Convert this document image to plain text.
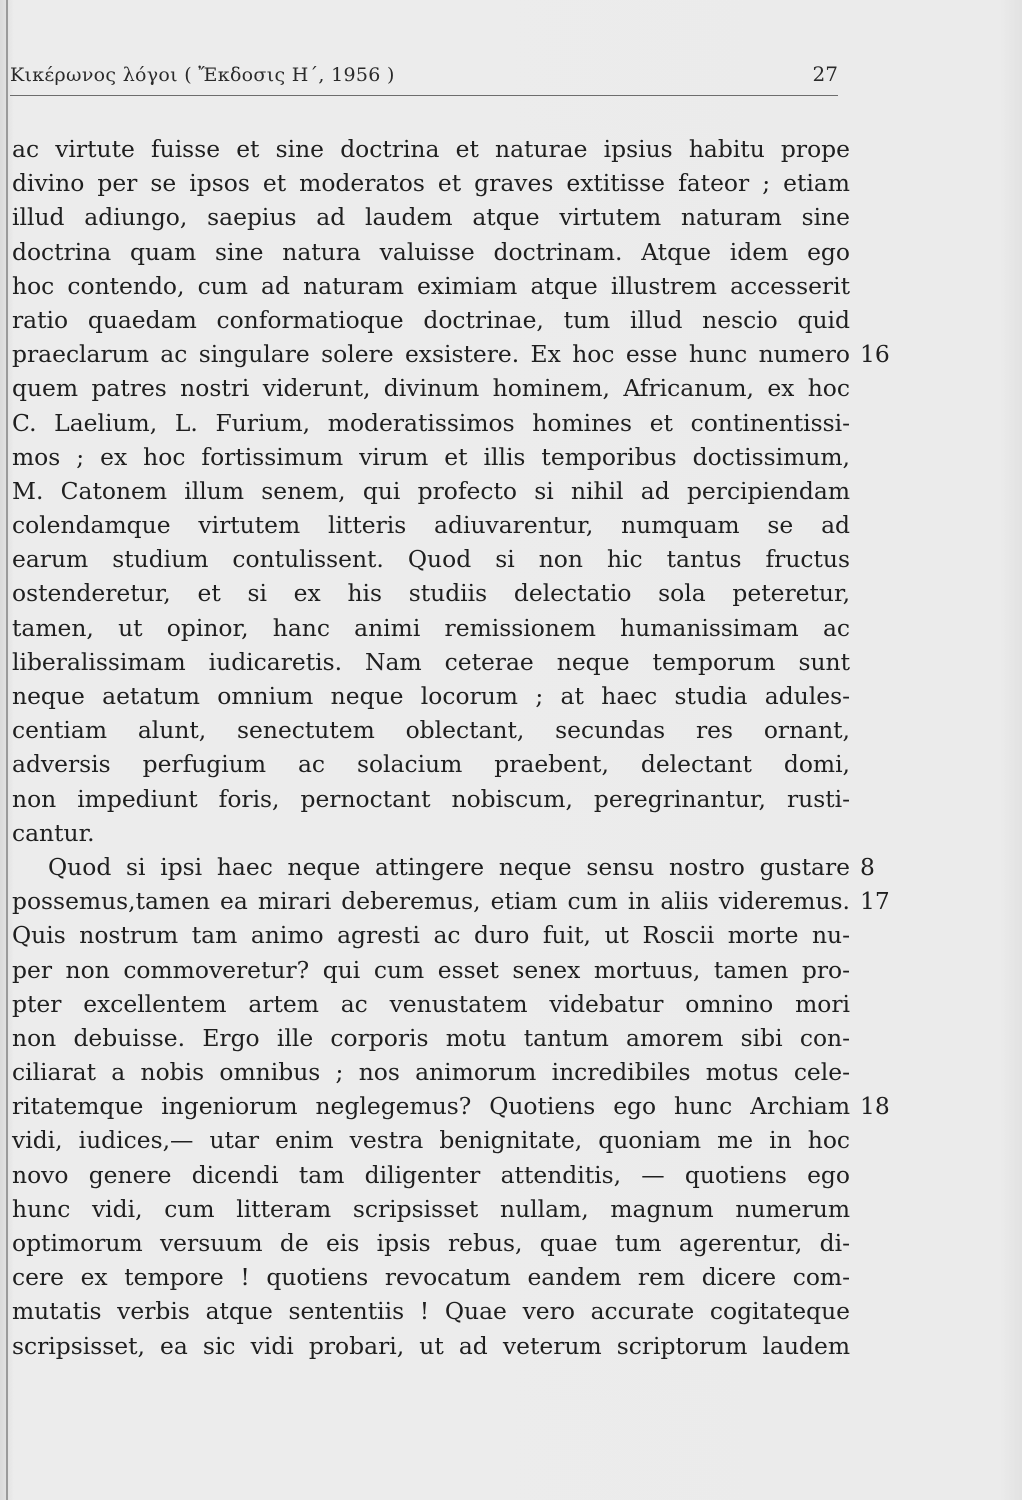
Κικέρωνος λόγοι ( Ἔκδοσις Η΄, 1956 )	27
ac virtute fuisse et sine doctrina et naturae ipsius habitu prope
divino per se ipsos et moderatos et graves extitisse fateor ; etiam
illud adiungo, saepius ad laudem atque virtutem naturam sine
doctrina quam sine natura valuisse doctrinam. Atque idem ego
hoc contendo, cum ad naturam eximiam atque illustrem accesserit
ratio quaedam conformatioque doctrinae, tum illud nescio quid
praeclarum ac singulare solere exsistere. Ex hoc esse hunc numero 16
quem patres nostri viderunt, divinum hominem, Africanum, ex hoc
C. Laelium, L. Furium, moderatissimos homines et continentissi-
mos ; ex hoc fortissimum virum et illis temporibus doctissimum,
M. Catonem illum senem, qui profecto si nihil ad percipiendam
colendamque virtutem litteris adiuvarentur, numquam se ad
earum studium contulissent. Quod si non hic tantus fructus
ostenderetur, et si ex his studiis delectatio sola peteretur,
tamen, ut opinor, hanc animi remissionem humanissimam ac
liberalissimam iudicaretis. Nam ceterae neque temporum sunt
neque aetatum omnium neque locorum ; at haec studia adules-
centiam alunt, senectutem oblectant, secundas res ornant,
adversis perfugium ac solacium praebent, delectant domi,
non impediunt foris, pernoctant nobiscum, peregrinantur, rusti-
cantur.
Quod si ipsi haec neque attingere neque sensu nostro gustare 8
possemus,tamen ea mirari deberemus, etiam cum in aliis videremus. 17
Quis nostrum tam animo agresti ac duro fuit, ut Roscii morte nu-
per non commoveretur? qui cum esset senex mortuus, tamen pro-
pter excellentem artem ac venustatem videbatur omnino mori
non debuisse. Ergo ille corporis motu tantum amorem sibi con-
ciliarat a nobis omnibus ; nos animorum incredibiles motus cele-
ritatemque ingeniorum neglegemus? Quotiens ego hunc Archiam 18
vidi, iudices,— utar enim vestra benignitate, quoniam me in hoc
novo genere dicendi tam diligenter attenditis, — quotiens ego
hunc vidi, cum litteram scripsisset nullam, magnum numerum
optimorum versuum de eis ipsis rebus, quae tum agerentur, di-
cere ex tempore ! quotiens revocatum eandem rem dicere com-
mutatis verbis atque sententiis ! Quae vero accurate cogitateque
scripsisset, ea sic vidi probari, ut ad veterum scriptorum laudem
